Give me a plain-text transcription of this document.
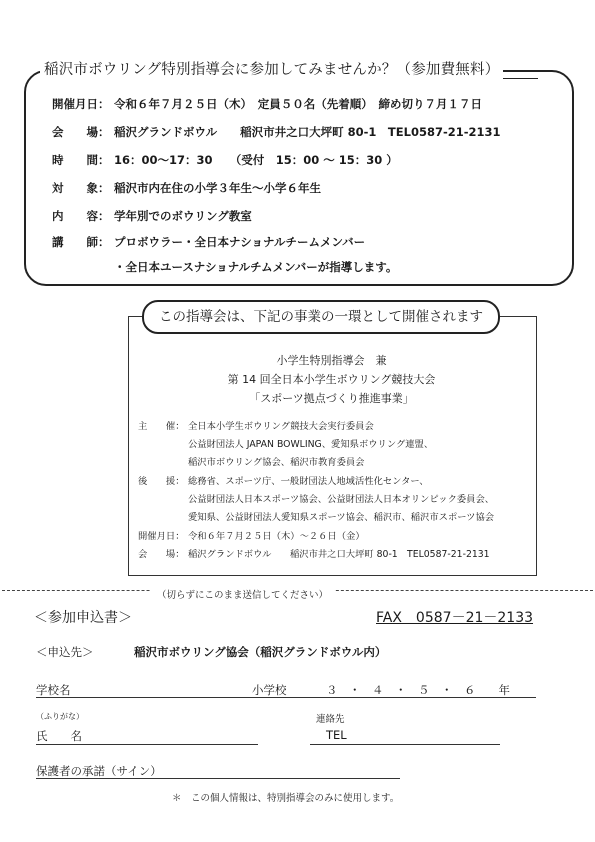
稲沢市ボウリング特別指導会に参加してみませんか？（参加費無料）
開催月日： 令和６年７月２５日（木）　定員５０名（先着順）　締め切り７月１７日
会　　場： 稲沢グランドボウル　　稲沢市井之口大坪町 80-1　TEL0587-21-2131
時　　間： 16：00～17：30　　（受付　15：00 ～ 15：30 ）
対　　象： 稲沢市内在住の小学３年生～小学６年生
内　　容： 学年別でのボウリング教室
講　　師： プロボウラー・全日本ナショナルチームメンバー
・全日本ユースナショナルチムメンバーが指導します。
この指導会は、下記の事業の一環として開催されます
小学生特別指導会　兼
第 14 回全日本小学生ボウリング競技大会
「スポーツ拠点づくり推進事業」
主　　催： 全日本小学生ボウリング競技大会実行委員会
公益財団法人 JAPAN BOWLING、愛知県ボウリング連盟、
稲沢市ボウリング協会、稲沢市教育委員会
後　　援： 総務省、スポーツ庁、一般財団法人地域活性化センター、
公益財団法人日本スポーツ協会、公益財団法人日本オリンピック委員会、
愛知県、公益財団法人愛知県スポーツ協会、稲沢市、稲沢市スポーツ協会
開催月日： 令和６年７月２５日（木）～２６日（金）
会　　場： 稲沢グランドボウル　　稲沢市井之口大坪町 80-1　TEL0587-21-2131
（切らずにこのまま送信してください）
＜参加申込書＞	FAX　0587－21－2133
＜申込先＞	稲沢市ボウリング協会（稲沢グランドボウル内）
学校名	小学校	３　・　４　・　５　・　６　　年
（ふりがな）	連絡先
氏　　名	TEL
保護者の承諾（サイン）
＊　この個人情報は、特別指導会のみに使用します。
